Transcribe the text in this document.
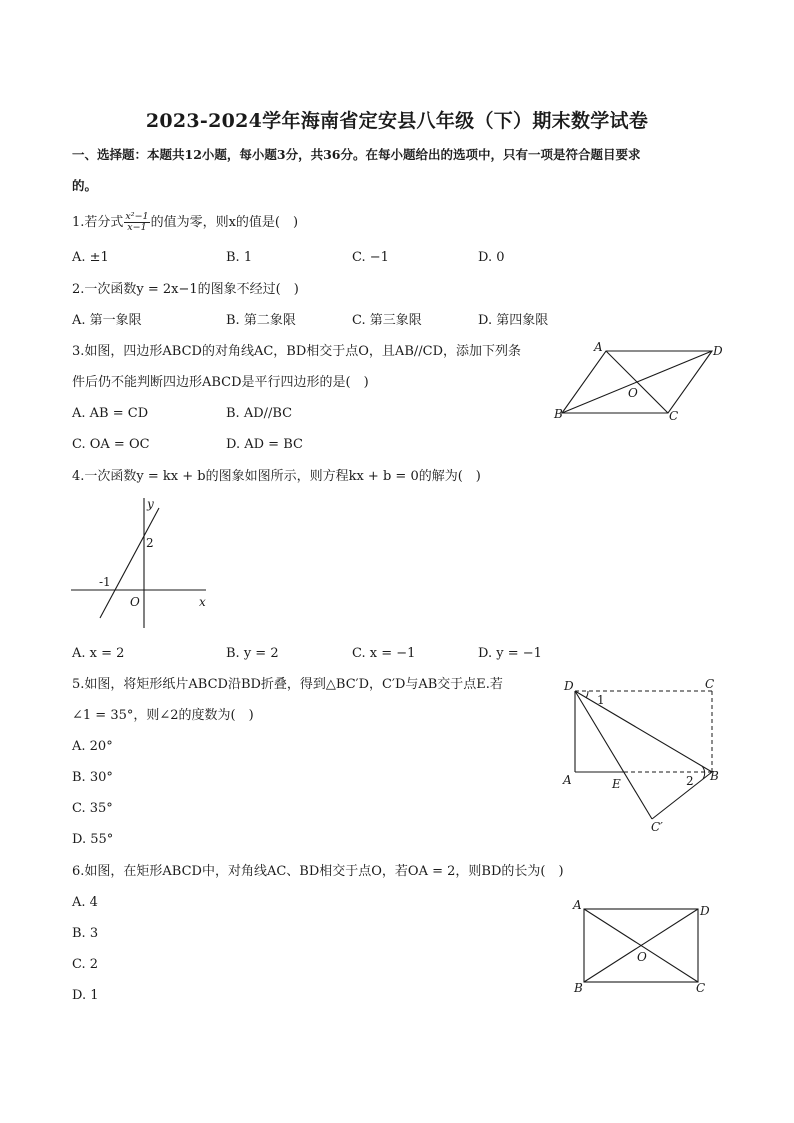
2023-2024学年海南省定安县八年级（下）期末数学试卷
一、选择题：本题共12小题，每小题3分，共36分。在每小题给出的选项中，只有一项是符合题目要求
的。
1.若分式 $\frac{\text{x²−1}}{x-1}$ 的值为零，则x的值是(　)
A. ±1	B. 1	C. −1	D. 0
2.一次函数y = 2x−1的图象不经过(　)
A. 第一象限	B. 第二象限	C. 第三象限	D. 第四象限
3.如图，四边形ABCD的对角线AC，BD相交于点O，且AB//CD，添加下列条
件后仍不能判断四边形ABCD是平行四边形的是(　)
A. AB = CD	B. AD//BC
C. OA = OC	D. AD = BC
A	D
B	C
O
4.一次函数y = kx + b的图象如图所示，则方程kx + b = 0的解为(　)
y
x
O
2
-1
A. x = 2	B. y = 2	C. x = −1	D. y = −1
5.如图，将矩形纸片ABCD沿BD折叠，得到△BC′D，C′D与AB交于点E.若
∠1 = 35°，则∠2的度数为(　)
A. 20°
B. 30°
C. 35°
D. 55°
D	C
A	E
B
C′
1
2
6.如图，在矩形ABCD中，对角线AC、BD相交于点O，若OA = 2，则BD的长为(　)
A. 4
B. 3
C. 2
D. 1
A	D
B	C
O
